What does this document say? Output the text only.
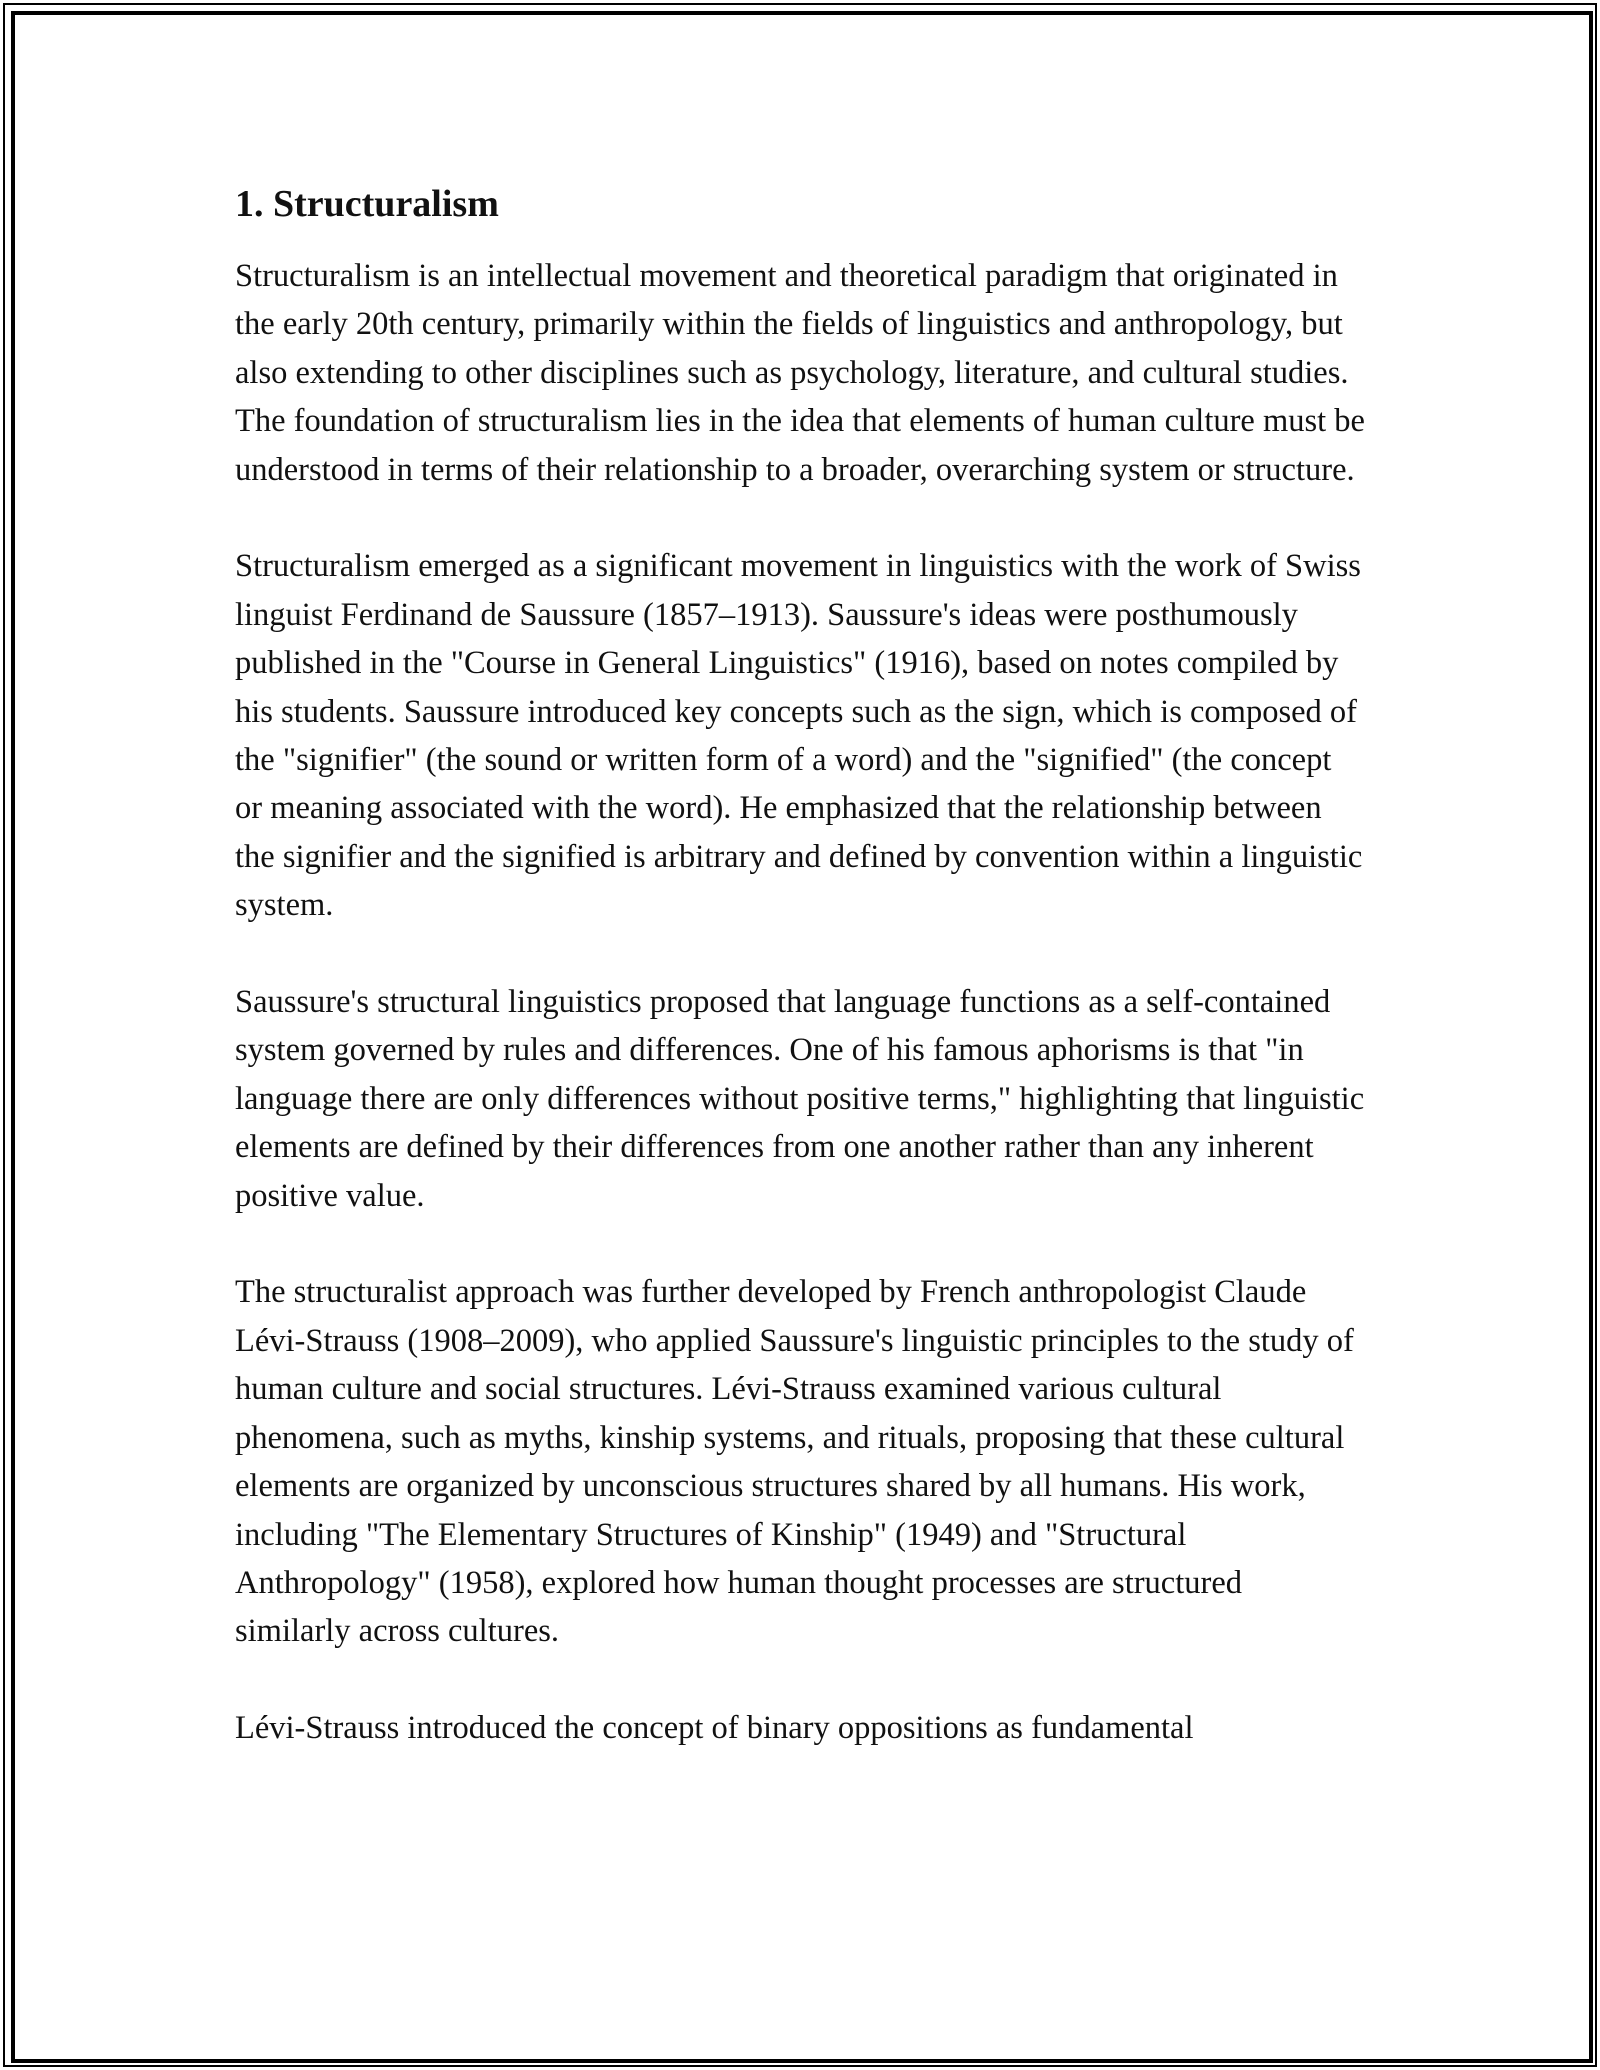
1. Structuralism

Structuralism is an intellectual movement and theoretical paradigm that originated in the early 20th century, primarily within the fields of linguistics and anthropology, but also extending to other disciplines such as psychology, literature, and cultural studies. The foundation of structuralism lies in the idea that elements of human culture must be understood in terms of their relationship to a broader, overarching system or structure.

Structuralism emerged as a significant movement in linguistics with the work of Swiss linguist Ferdinand de Saussure (1857–1913). Saussure's ideas were posthumously published in the "Course in General Linguistics" (1916), based on notes compiled by his students. Saussure introduced key concepts such as the sign, which is composed of the "signifier" (the sound or written form of a word) and the "signified" (the concept or meaning associated with the word). He emphasized that the relationship between the signifier and the signified is arbitrary and defined by convention within a linguistic system.

Saussure's structural linguistics proposed that language functions as a self-contained system governed by rules and differences. One of his famous aphorisms is that "in language there are only differences without positive terms," highlighting that linguistic elements are defined by their differences from one another rather than any inherent positive value.

The structuralist approach was further developed by French anthropologist Claude Lévi-Strauss (1908–2009), who applied Saussure's linguistic principles to the study of human culture and social structures. Lévi-Strauss examined various cultural phenomena, such as myths, kinship systems, and rituals, proposing that these cultural elements are organized by unconscious structures shared by all humans. His work, including "The Elementary Structures of Kinship" (1949) and "Structural Anthropology" (1958), explored how human thought processes are structured similarly across cultures.

Lévi-Strauss introduced the concept of binary oppositions as fundamental
